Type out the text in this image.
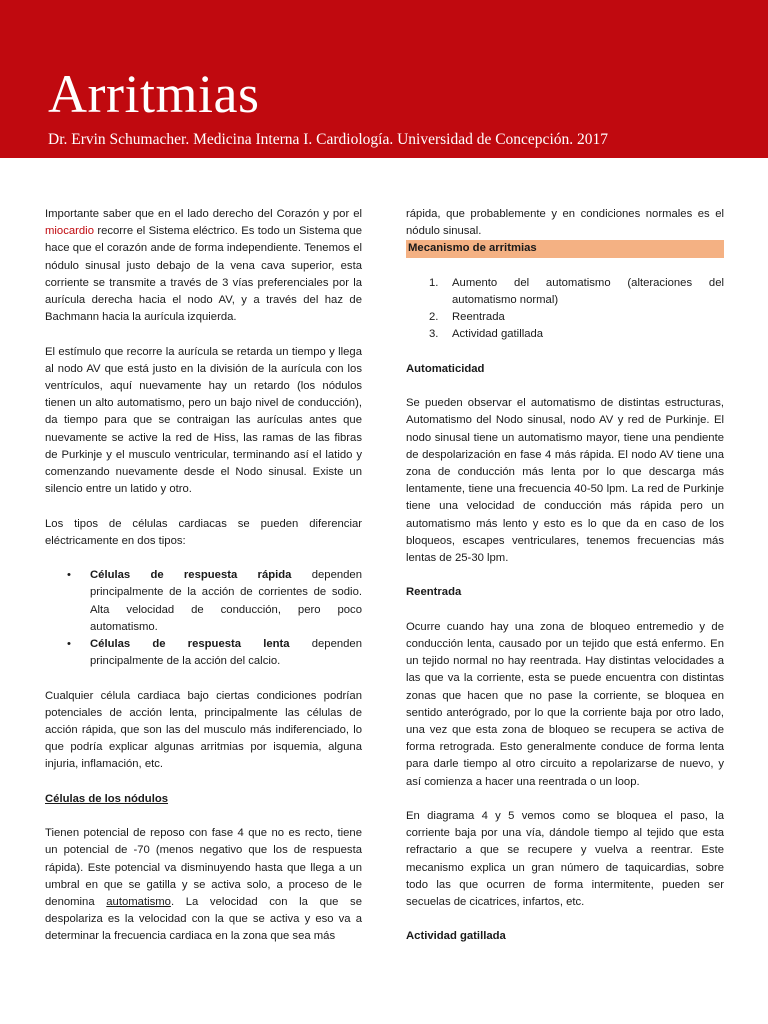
Arritmias
Dr. Ervin Schumacher. Medicina Interna I. Cardiología. Universidad de Concepción. 2017

Importante saber que en el lado derecho del Corazón y por el miocardio recorre el Sistema eléctrico. Es todo un Sistema que hace que el corazón ande de forma independiente. Tenemos el nódulo sinusal justo debajo de la vena cava superior, esta corriente se transmite a través de 3 vías preferenciales por la aurícula derecha hacia el nodo AV, y a través del haz de Bachmann hacia la aurícula izquierda.

El estímulo que recorre la aurícula se retarda un tiempo y llega al nodo AV que está justo en la división de la aurícula con los ventrículos, aquí nuevamente hay un retardo (los nódulos tienen un alto automatismo, pero un bajo nivel de conducción), da tiempo para que se contraigan las aurículas antes que nuevamente se active la red de Hiss, las ramas de las fibras de Purkinje y el musculo ventricular, terminando así el latido y comenzando nuevamente desde el Nodo sinusal. Existe un silencio entre un latido y otro.

Los tipos de células cardiacas se pueden diferenciar eléctricamente en dos tipos:

• Células de respuesta rápida dependen principalmente de la acción de corrientes de sodio. Alta velocidad de conducción, pero poco automatismo.
• Células de respuesta lenta dependen principalmente de la acción del calcio.

Cualquier célula cardiaca bajo ciertas condiciones podrían potenciales de acción lenta, principalmente las células de acción rápida, que son las del musculo más indiferenciado, lo que podría explicar algunas arritmias por isquemia, alguna injuria, inflamación, etc.

Células de los nódulos

Tienen potencial de reposo con fase 4 que no es recto, tiene un potencial de -70 (menos negativo que los de respuesta rápida). Este potencial va disminuyendo hasta que llega a un umbral en que se gatilla y se activa solo, a proceso de le denomina automatismo. La velocidad con la que se despolariza es la velocidad con la que se activa y eso va a determinar la frecuencia cardiaca en la zona que sea más

rápida, que probablemente y en condiciones normales es el nódulo sinusal.

Mecanismo de arritmias
1. Aumento del automatismo (alteraciones del automatismo normal)
2. Reentrada
3. Actividad gatillada
Automaticidad

Se pueden observar el automatismo de distintas estructuras, Automatismo del Nodo sinusal, nodo AV y red de Purkinje. El nodo sinusal tiene un automatismo mayor, tiene una pendiente de despolarización en fase 4 más rápida. El nodo AV tiene una zona de conducción más lenta por lo que descarga más lentamente, tiene una frecuencia 40-50 lpm. La red de Purkinje tiene una velocidad de conducción más rápida pero un automatismo más lento y esto es lo que da en caso de los bloqueos, escapes ventriculares, tenemos frecuencias más lentas de 25-30 lpm.

Reentrada

Ocurre cuando hay una zona de bloqueo entremedio y de conducción lenta, causado por un tejido que está enfermo. En un tejido normal no hay reentrada. Hay distintas velocidades a las que va la corriente, esta se puede encuentra con distintas zonas que hacen que no pase la corriente, se bloquea en sentido anterógrado, por lo que la corriente baja por otro lado, una vez que esta zona de bloqueo se recupera se activa de forma retrograda. Esto generalmente conduce de forma lenta para darle tiempo al otro circuito a repolarizarse de nuevo, y así comienza a hacer una reentrada o un loop.

En diagrama 4 y 5 vemos como se bloquea el paso, la corriente baja por una vía, dándole tiempo al tejido que esta refractario a que se recupere y vuelva a reentrar. Este mecanismo explica un gran número de taquicardias, sobre todo las que ocurren de forma intermitente, pueden ser secuelas de cicatrices, infartos, etc.

Actividad gatillada
